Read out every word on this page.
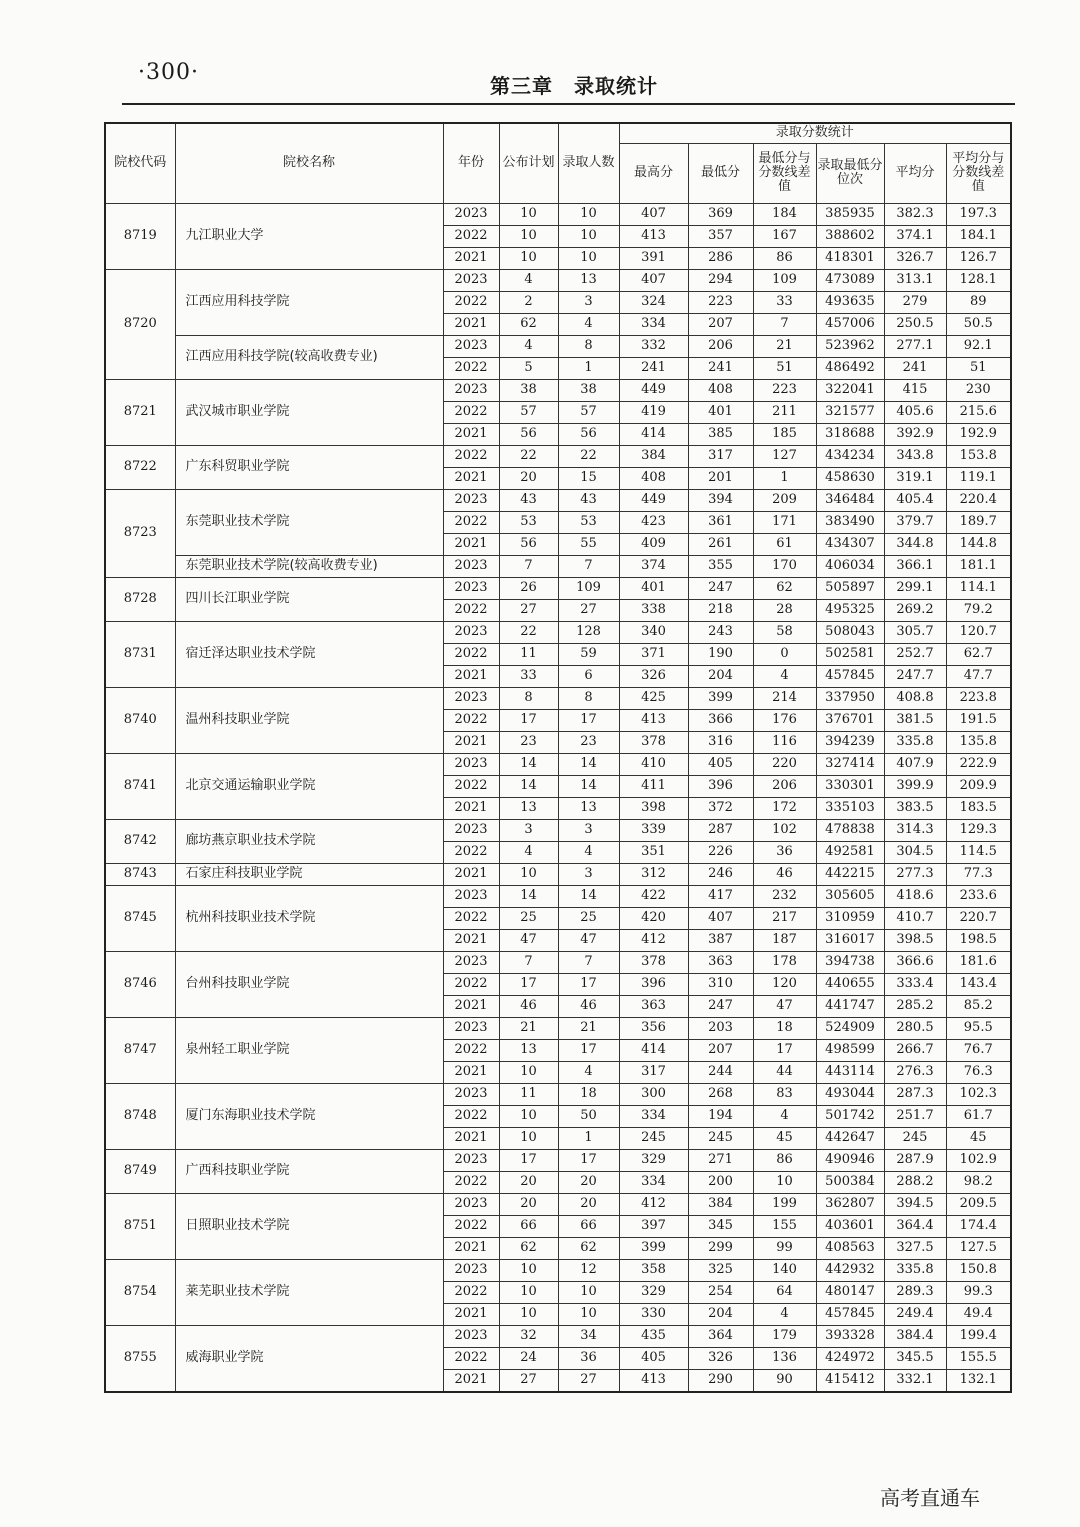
·300·
第三章　录取统计
院校代码	院校名称	年份	公布计划	录取人数	录取分数统计					
					最高分	最低分	最低分与分数线差值	录取最低分位次	平均分	平均分与分数线差值
8719	九江职业大学	2023	10	10	407	369	184	385935	382.3	197.3
		2022	10	10	413	357	167	388602	374.1	184.1
		2021	10	10	391	286	86	418301	326.7	126.7
8720	江西应用科技学院	2023	4	13	407	294	109	473089	313.1	128.1
		2022	2	3	324	223	33	493635	279	89
		2021	62	4	334	207	7	457006	250.5	50.5
	江西应用科技学院(较高收费专业)	2023	4	8	332	206	21	523962	277.1	92.1
		2022	5	1	241	241	51	486492	241	51
8721	武汉城市职业学院	2023	38	38	449	408	223	322041	415	230
		2022	57	57	419	401	211	321577	405.6	215.6
		2021	56	56	414	385	185	318688	392.9	192.9
8722	广东科贸职业学院	2022	22	22	384	317	127	434234	343.8	153.8
		2021	20	15	408	201	1	458630	319.1	119.1
8723	东莞职业技术学院	2023	43	43	449	394	209	346484	405.4	220.4
		2022	53	53	423	361	171	383490	379.7	189.7
		2021	56	55	409	261	61	434307	344.8	144.8
	东莞职业技术学院(较高收费专业)	2023	7	7	374	355	170	406034	366.1	181.1
8728	四川长江职业学院	2023	26	109	401	247	62	505897	299.1	114.1
		2022	27	27	338	218	28	495325	269.2	79.2
8731	宿迁泽达职业技术学院	2023	22	128	340	243	58	508043	305.7	120.7
		2022	11	59	371	190	0	502581	252.7	62.7
		2021	33	6	326	204	4	457845	247.7	47.7
8740	温州科技职业学院	2023	8	8	425	399	214	337950	408.8	223.8
		2022	17	17	413	366	176	376701	381.5	191.5
		2021	23	23	378	316	116	394239	335.8	135.8
8741	北京交通运输职业学院	2023	14	14	410	405	220	327414	407.9	222.9
		2022	14	14	411	396	206	330301	399.9	209.9
		2021	13	13	398	372	172	335103	383.5	183.5
8742	廊坊燕京职业技术学院	2023	3	3	339	287	102	478838	314.3	129.3
		2022	4	4	351	226	36	492581	304.5	114.5
8743	石家庄科技职业学院	2021	10	3	312	246	46	442215	277.3	77.3
8745	杭州科技职业技术学院	2023	14	14	422	417	232	305605	418.6	233.6
		2022	25	25	420	407	217	310959	410.7	220.7
		2021	47	47	412	387	187	316017	398.5	198.5
8746	台州科技职业学院	2023	7	7	378	363	178	394738	366.6	181.6
		2022	17	17	396	310	120	440655	333.4	143.4
		2021	46	46	363	247	47	441747	285.2	85.2
8747	泉州轻工职业学院	2023	21	21	356	203	18	524909	280.5	95.5
		2022	13	17	414	207	17	498599	266.7	76.7
		2021	10	4	317	244	44	443114	276.3	76.3
8748	厦门东海职业技术学院	2023	11	18	300	268	83	493044	287.3	102.3
		2022	10	50	334	194	4	501742	251.7	61.7
		2021	10	1	245	245	45	442647	245	45
8749	广西科技职业学院	2023	17	17	329	271	86	490946	287.9	102.9
		2022	20	20	334	200	10	500384	288.2	98.2
8751	日照职业技术学院	2023	20	20	412	384	199	362807	394.5	209.5
		2022	66	66	397	345	155	403601	364.4	174.4
		2021	62	62	399	299	99	408563	327.5	127.5
8754	莱芜职业技术学院	2023	10	12	358	325	140	442932	335.8	150.8
		2022	10	10	329	254	64	480147	289.3	99.3
		2021	10	10	330	204	4	457845	249.4	49.4
8755	威海职业学院	2023	32	34	435	364	179	393328	384.4	199.4
		2022	24	36	405	326	136	424972	345.5	155.5
		2021	27	27	413	290	90	415412	332.1	132.1
高考直通车
